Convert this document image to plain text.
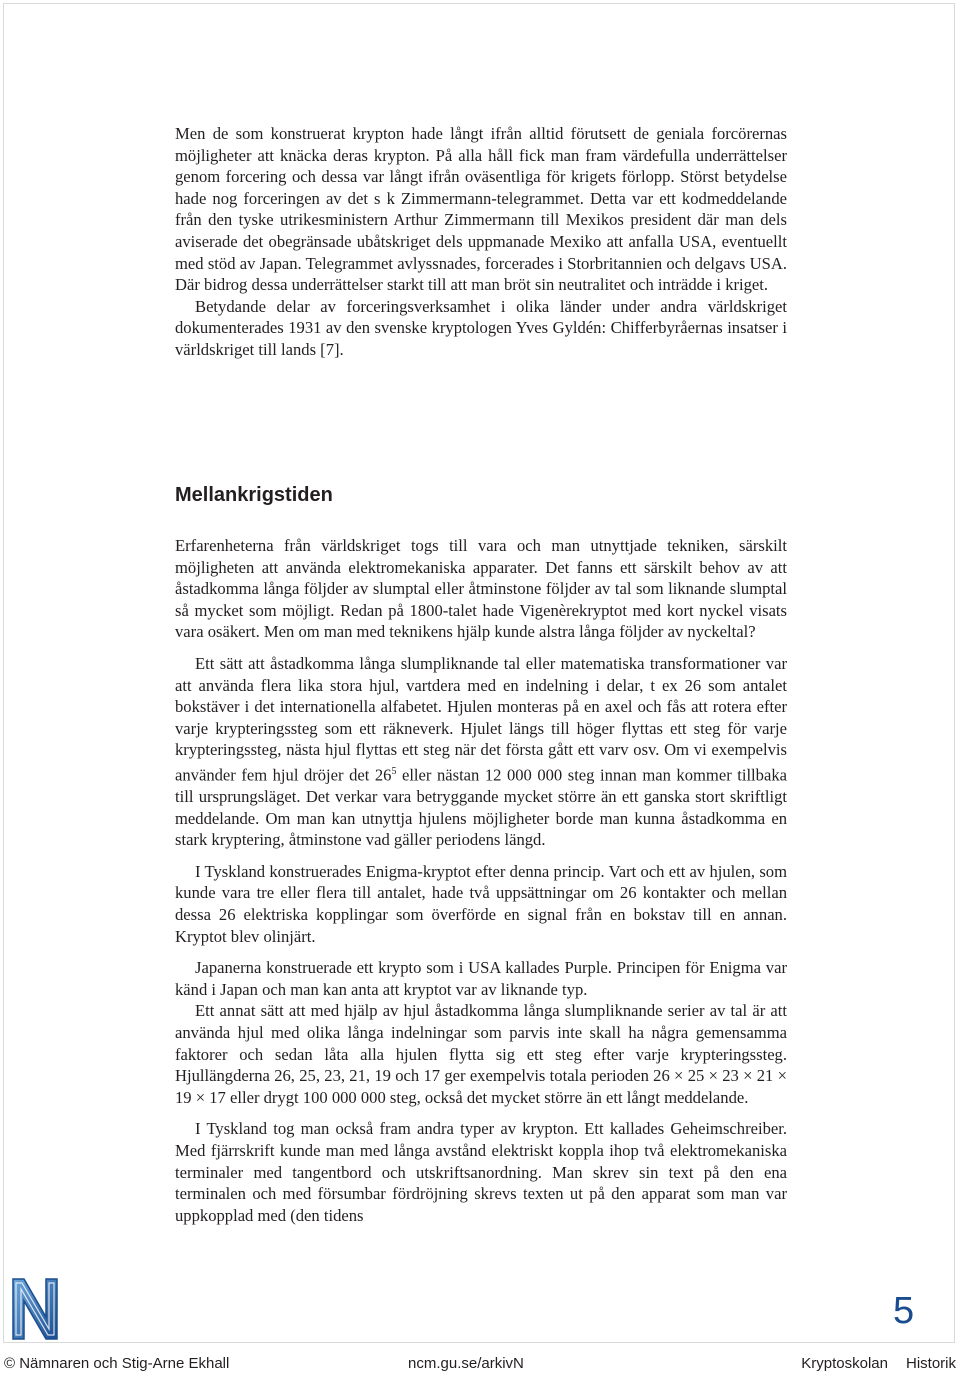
Men de som konstruerat krypton hade långt ifrån alltid förutsett de geniala forcörernas möjligheter att knäcka deras krypton. På alla håll fick man fram värdefulla underrättelser genom forcering och dessa var långt ifrån oväsentliga för krigets förlopp. Störst betydelse hade nog forceringen av det s k Zimmermann-telegrammet. Detta var ett kodmeddelande från den tyske utrikesministern Arthur Zimmermann till Mexikos president där man dels aviserade det obegränsade ubåtskriget dels uppmanade Mexiko att anfalla USA, eventuellt med stöd av Japan. Telegrammet avlyssnades, forcerades i Storbritannien och delgavs USA. Där bidrog dessa underrättelser starkt till att man bröt sin neutralitet och inträdde i kriget.

Betydande delar av forceringsverksamhet i olika länder under andra världskriget dokumenterades 1931 av den svenske kryptologen Yves Gyldén: Chifferbyråernas insatser i världskriget till lands [7].

Mellankrigstiden

Erfarenheterna från världskriget togs till vara och man utnyttjade tekniken, särskilt möjligheten att använda elektromekaniska apparater. Det fanns ett särskilt behov av att åstadkomma långa följder av slumptal eller åtminstone följder av tal som liknande slumptal så mycket som möjligt. Redan på 1800-talet hade Vigenèrekryptot med kort nyckel visats vara osäkert. Men om man med teknikens hjälp kunde alstra långa följder av nyckeltal?

Ett sätt att åstadkomma långa slumpliknande tal eller matematiska transformationer var att använda flera lika stora hjul, vartdera med en indelning i delar, t ex 26 som antalet bokstäver i det internationella alfabetet. Hjulen monteras på en axel och fås att rotera efter varje krypteringssteg som ett räkneverk. Hjulet längs till höger flyttas ett steg för varje krypteringssteg, nästa hjul flyttas ett steg när det första gått ett varv osv. Om vi exempelvis använder fem hjul dröjer $\det 26^5$ eller nästan 12 000 000 steg innan man kommer tillbaka till ursprungsläget. Det verkar vara betryggande mycket större än ett ganska stort skriftligt meddelande. Om man kan utnyttja hjulens möjligheter borde man kunna åstadkomma en stark kryptering, åtminstone vad gäller periodens längd.

I Tyskland konstruerades Enigma-kryptot efter denna princip. Vart och ett av hjulen, som kunde vara tre eller flera till antalet, hade två uppsättningar om 26 kontakter och mellan dessa 26 elektriska kopplingar som överförde en signal från en bokstav till en annan. Kryptot blev olinjärt.

Japanerna konstruerade ett krypto som i USA kallades Purple. Principen för Enigma var känd i Japan och man kan anta att kryptot var av liknande typ.

Ett annat sätt att med hjälp av hjul åstadkomma långa slumpliknande serier av tal är att använda hjul med olika långa indelningar som parvis inte skall ha några gemensamma faktorer och sedan låta alla hjulen flytta sig ett steg efter varje krypteringssteg. Hjullängderna 26, 25, 23, 21, 19 och 17 ger exempelvis totala perioden 26 × 25 × 23 × 21 × 19 × 17 eller drygt 100 000 000 steg, också det mycket större än ett långt meddelande.

I Tyskland tog man också fram andra typer av krypton. Ett kallades Geheimschreiber. Med fjärrskrift kunde man med långa avstånd elektriskt koppla ihop två elektromekaniska terminaler med tangentbord och utskriftsanordning. Man skrev sin text på den ena terminalen och med försumbar fördröjning skrevs texten ut på den apparat som man var uppkopplad med (den tidens

5
© Nämnaren och Stig-Arne Ekhall	ncm.gu.se/arkivN	Kryptoskolan Historik
